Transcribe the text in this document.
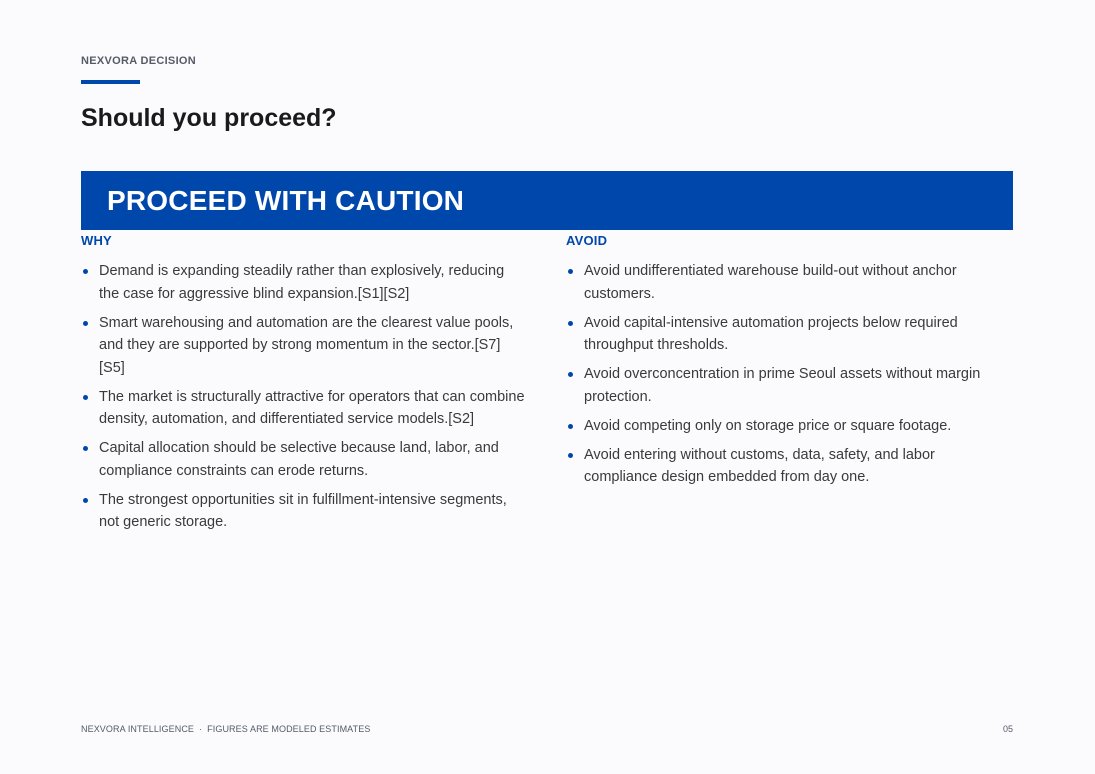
NEXVORA DECISION
Should you proceed?
PROCEED WITH CAUTION
WHY
Demand is expanding steadily rather than explosively, reducing the case for aggressive blind expansion.[S1][S2]
Smart warehousing and automation are the clearest value pools, and they are supported by strong momentum in the sector.[S7][S5]
The market is structurally attractive for operators that can combine density, automation, and differentiated service models.[S2]
Capital allocation should be selective because land, labor, and compliance constraints can erode returns.
The strongest opportunities sit in fulfillment-intensive segments, not generic storage.
AVOID
Avoid undifferentiated warehouse build-out without anchor customers.
Avoid capital-intensive automation projects below required throughput thresholds.
Avoid overconcentration in prime Seoul assets without margin protection.
Avoid competing only on storage price or square footage.
Avoid entering without customs, data, safety, and labor compliance design embedded from day one.
NEXVORA INTELLIGENCE · FIGURES ARE MODELED ESTIMATES	05
